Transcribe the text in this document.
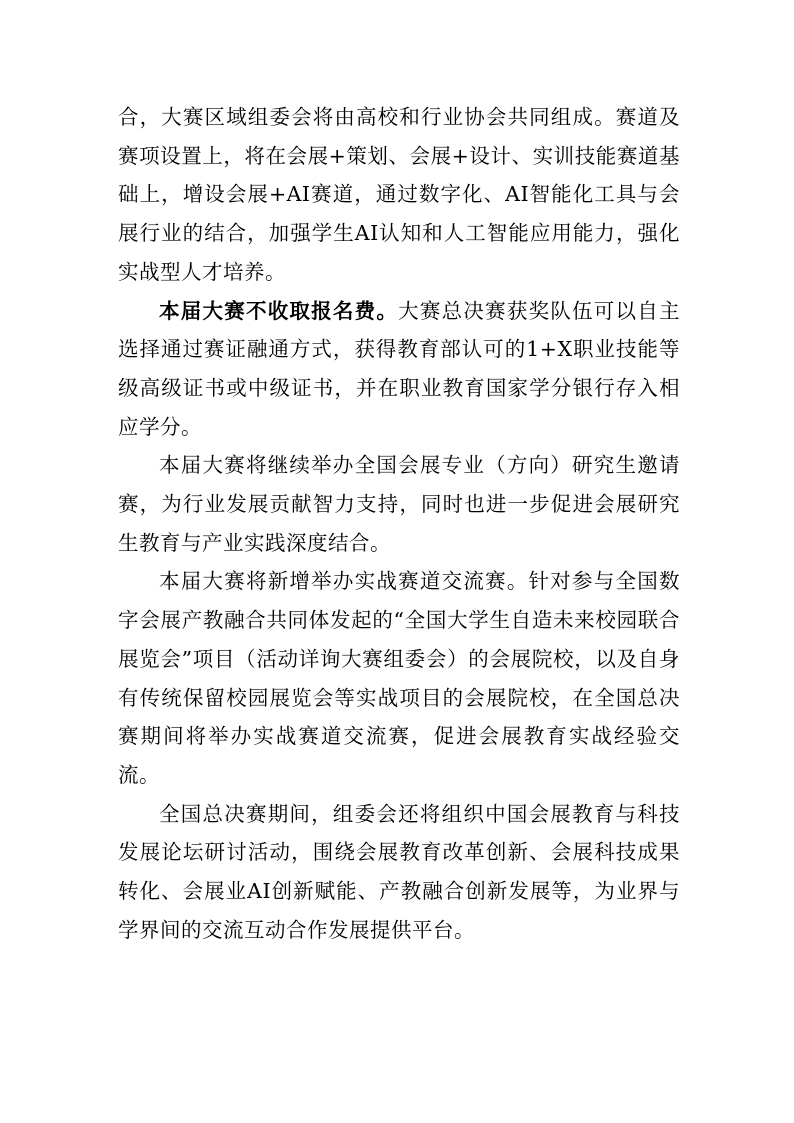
合，大赛区域组委会将由高校和行业协会共同组成。赛道及赛项设置上，将在会展+策划、会展+设计、实训技能赛道基础上，增设会展+AI赛道，通过数字化、AI智能化工具与会展行业的结合，加强学生AI认知和人工智能应用能力，强化实战型人才培养。

本届大赛不收取报名费。大赛总决赛获奖队伍可以自主选择通过赛证融通方式，获得教育部认可的1+X职业技能等级高级证书或中级证书，并在职业教育国家学分银行存入相应学分。

本届大赛将继续举办全国会展专业（方向）研究生邀请赛，为行业发展贡献智力支持，同时也进一步促进会展研究生教育与产业实践深度结合。

本届大赛将新增举办实战赛道交流赛。针对参与全国数字会展产教融合共同体发起的“全国大学生自造未来校园联合展览会”项目（活动详询大赛组委会）的会展院校，以及自身有传统保留校园展览会等实战项目的会展院校，在全国总决赛期间将举办实战赛道交流赛，促进会展教育实战经验交流。

全国总决赛期间，组委会还将组织中国会展教育与科技发展论坛研讨活动，围绕会展教育改革创新、会展科技成果转化、会展业AI创新赋能、产教融合创新发展等，为业界与学界间的交流互动合作发展提供平台。
